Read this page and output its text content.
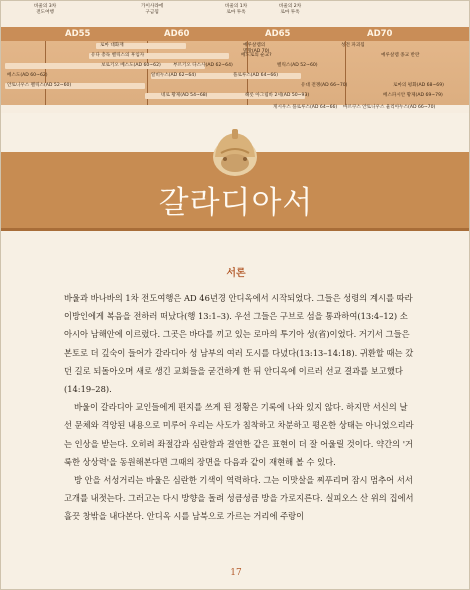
바울의 3차
전도여행
가이사랴에
구금됨
바울의 1차
로마 투옥
바울의 2차
로마 투옥
AD55	AD60	AD65	AD70
로마 대화재	예루살렘의
멸망(AD 70)
성전 파괴됨
유다 총독 벨릭스의 후임자	베드로의 순교?	예루살렘 종교 반란
보로기오 베스도(AD 60~62)	부르기오 다스사(AD 62~64)	벨릭스(AD 52~60)
베스도(AD 60~62)	알비누스(AD 62~64)	플로루스(AD 64~66)
안토니우스 펠릭스(AD 52~60)	유대 전쟁(AD 66~70)	로마의 평화(AD 68~69)
네로 황제(AD 54~68)	헤롯 아그립바 2세(AD 50~93)	베스파시안 황제(AD 69~79)
게시우스 플로루스(AD 64~66) 마르쿠스 안토니우스 율리아누스(AD 66~70)
갈라디아서
서론

바울과 바나바의 1차 전도여행은 AD 46년경 안디옥에서 시작되었다. 그들은 성령의 계시를 따라 이방인에게 복음을 전하러 떠났다(행 13:1–3). 우선 그들은 구브로 섬을 통과하여(13:4–12) 소아시아 남해안에 이르렀다. 그곳은 바다를 끼고 있는 로마의 투기아 성(省)이었다. 거기서 그들은 본토로 더 깊숙이 들어가 갈라디아 성 남부의 여러 도시를 다녔다(13:13–14:18). 귀환할 때는 갔던 길로 되돌아오며 새로 생긴 교회들을 굳건하게 한 뒤 안디옥에 이르러 선교 결과를 보고했다(14:19–28).

바울이 갈라디아 교인들에게 편지를 쓰게 된 정황은 기록에 나와 있지 않다. 하지만 서신의 날선 문체와 격앙된 내용으로 미루어 우리는 사도가 침착하고 차분하고 평온한 상태는 아니었으리라는 인상을 받는다. 오히려 좌절감과 심란함과 결연한 같은 표현이 더 잘 어울릴 것이다. 약간의 '거룩한 상상력'을 동원해본다면 그때의 장면을 다음과 같이 재현해 볼 수 있다.

방 안을 서성거리는 바울은 심란한 기색이 역력하다. 그는 이맛살을 찌푸리며 잠시 멈추어 서서 고개를 내젓는다. 그러고는 다시 방향을 돌려 성큼성큼 방을 가로지른다. 실피오스 산 위의 집에서 흘끗 창밖을 내다본다. 안디옥 시를 남북으로 가르는 거리에 주랑이

17
